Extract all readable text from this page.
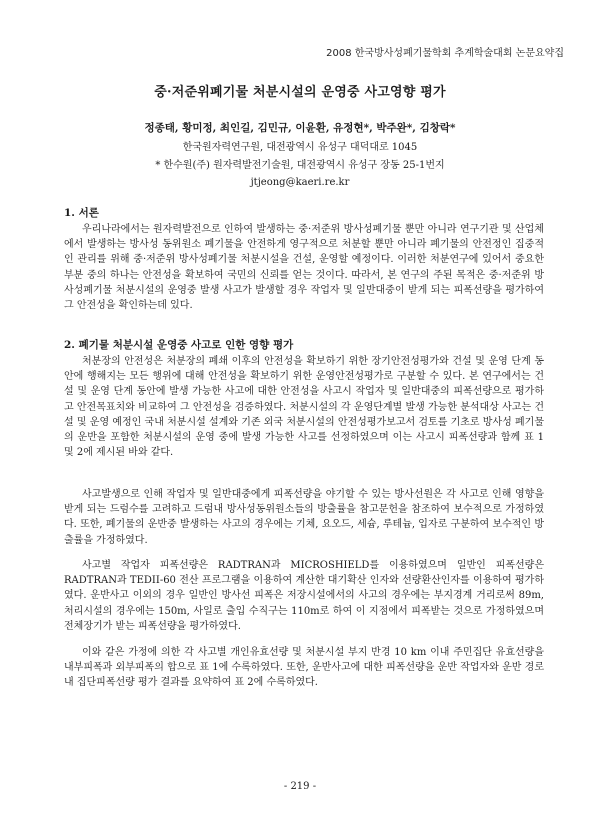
2008 한국방사성폐기물학회 추계학술대회 논문요약집
중·저준위폐기물 처분시설의 운영중 사고영향 평가
정종태, 황미정, 최인길, 김민규, 이윤환, 유정현*, 박주완*, 김창락*
한국원자력연구원, 대전광역시 유성구 대덕대로 1045
* 한수원(주) 원자력발전기술원, 대전광역시 유성구 장동 25-1번지
jtjeong@kaeri.re.kr

1. 서론

우리나라에서는 원자력발전으로 인하여 발생하는 중·저준위 방사성폐기물 뿐만 아니라 연구기관 및 산업체에서 발생하는 방사성 동위원소 폐기물을 안전하게 영구적으로 처분할 뿐만 아니라 폐기물의 안전정인 집중적인 관리를 위해 중·저준위 방사성폐기물 처분시설을 건설, 운영할 예정이다. 이러한 처분연구에 있어서 중요한 부분 중의 하나는 안전성을 확보하여 국민의 신뢰를 얻는 것이다. 따라서, 본 연구의 주된 목적은 중·저준위 방사성폐기물 처분시설의 운영중 발생 사고가 발생할 경우 작업자 및 일반대중이 받게 되는 피폭선량을 평가하여 그 안전성을 확인하는데 있다.

2. 폐기물 처분시설 운영중 사고로 인한 영향 평가

처분장의 안전성은 처분장의 폐쇄 이후의 안전성을 확보하기 위한 장기안전성평가와 건설 및 운영 단계 동안에 행해지는 모든 행위에 대해 안전성을 확보하기 위한 운영안전성평가로 구분할 수 있다. 본 연구에서는 건설 및 운영 단계 동안에 발생 가능한 사고에 대한 안전성을 사고시 작업자 및 일반대중의 피폭선량으로 평가하고 안전목표치와 비교하여 그 안전성을 검증하였다. 처분시설의 각 운영단계별 발생 가능한 분석대상 사고는 건설 및 운영 예정인 국내 처분시설 설계와 기존 외국 처분시설의 안전성평가보고서 검토를 기초로 방사성 폐기물의 운반을 포함한 처분시설의 운영 중에 발생 가능한 사고를 선정하였으며 이는 사고시 피폭선량과 함께 표 1 및 2에 제시된 바와 같다.

사고발생으로 인해 작업자 및 일반대중에게 피폭선량을 야기할 수 있는 방사선원은 각 사고로 인해 영향을 받게 되는 드럼수를 고려하고 드럼내 방사성동위원소들의 방출률을 참고문헌을 참조하여 보수적으로 가정하였다. 또한, 폐기물의 운반중 발생하는 사고의 경우에는 기체, 요오드, 세슘, 루테늄, 입자로 구분하여 보수적인 방출률을 가정하였다.

사고별 작업자 피폭선량은 RADTRAN과 MICROSHIELD를 이용하였으며 일반인 피폭선량은 RADTRAN과 TEDII-60 전산 프로그램을 이용하여 계산한 대기확산 인자와 선량환산인자를 이용하여 평가하였다. 운반사고 이외의 경우 일반인 방사선 피폭은 저장시설에서의 사고의 경우에는 부지경계 거리로써 89m, 처리시설의 경우에는 150m, 사일로 출입 수직구는 110m로 하여 이 지점에서 피폭받는 것으로 가정하였으며 전체장기가 받는 피폭선량을 평가하였다.

이와 같은 가정에 의한 각 사고별 개인유효선량 및 처분시설 부지 반경 10 km 이내 주민집단 유효선량을 내부피폭과 외부피폭의 합으로 표 1에 수록하였다. 또한, 운반사고에 대한 피폭선량을 운반 작업자와 운반 경로내 집단피폭선량 평가 결과를 요약하여 표 2에 수록하였다.

- 219 -
